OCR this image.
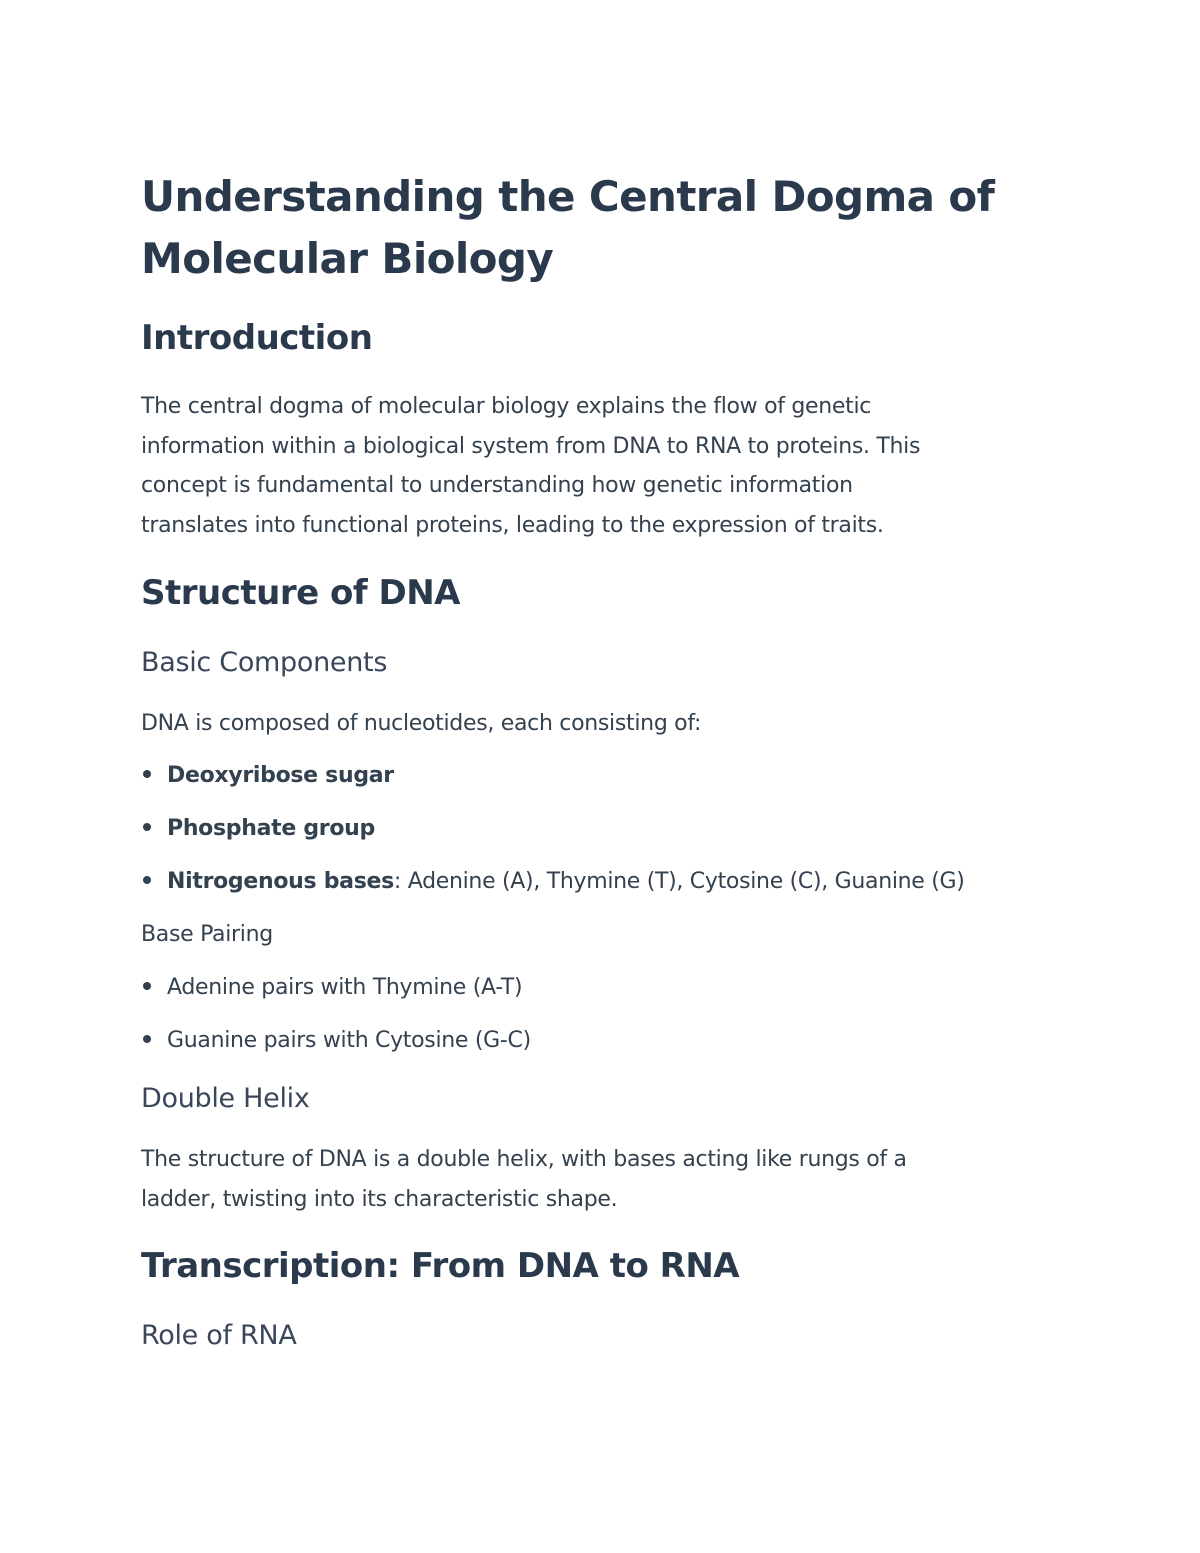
Understanding the Central Dogma of
Molecular Biology
Introduction

The central dogma of molecular biology explains the flow of genetic
information within a biological system from DNA to RNA to proteins. This
concept is fundamental to understanding how genetic information
translates into functional proteins, leading to the expression of traits.

Structure of DNA
Basic Components

DNA is composed of nucleotides, each consisting of:

Deoxyribose sugar
Phosphate group
Nitrogenous bases: Adenine (A), Thymine (T), Cytosine (C), Guanine (G)

Base Pairing

Adenine pairs with Thymine (A-T)
Guanine pairs with Cytosine (G-C)
Double Helix

The structure of DNA is a double helix, with bases acting like rungs of a
ladder, twisting into its characteristic shape.

Transcription: From DNA to RNA
Role of RNA
